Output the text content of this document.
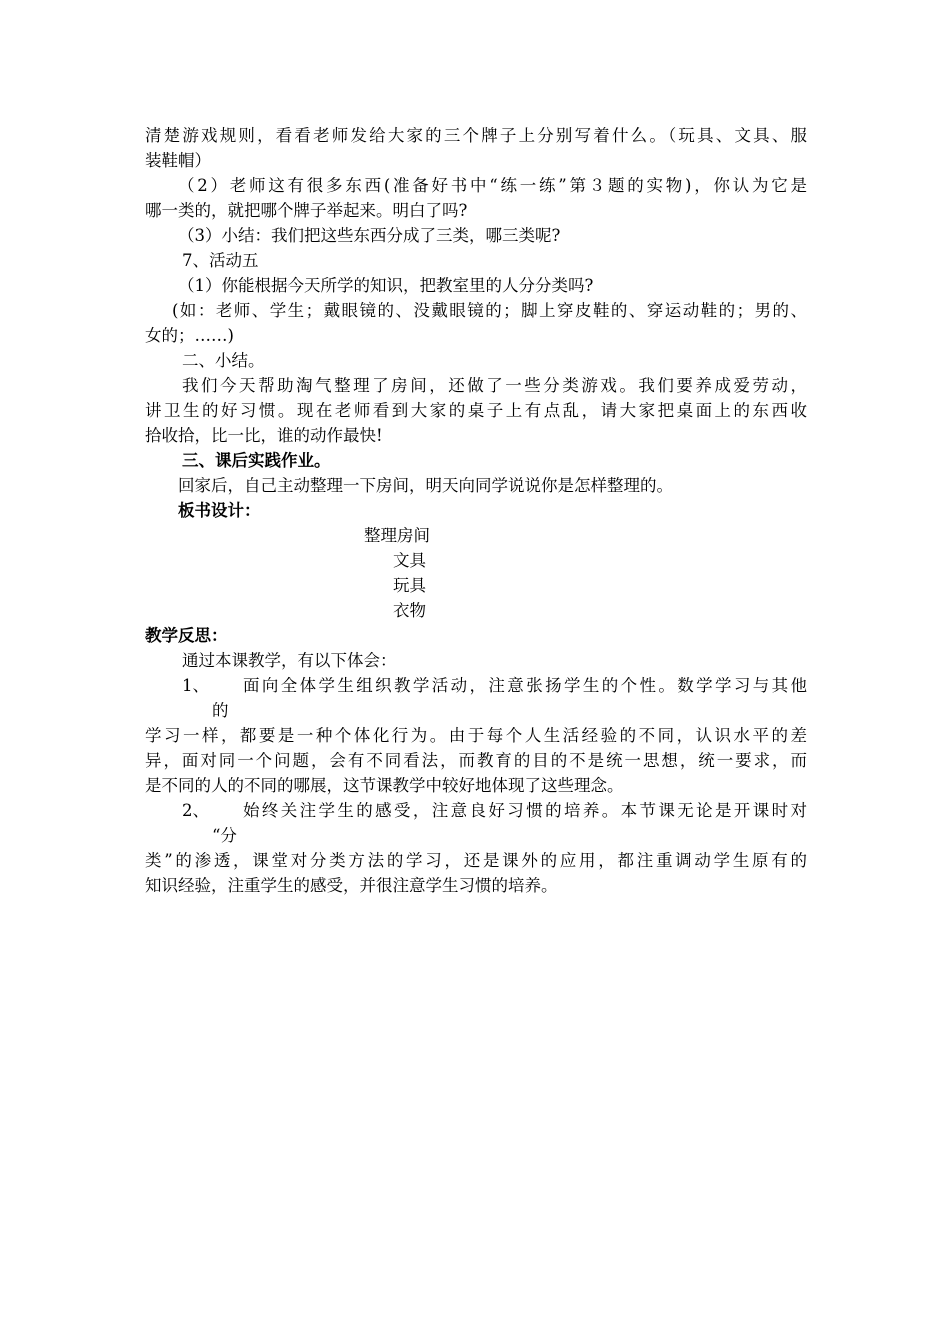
清楚游戏规则，看看老师发给大家的三个牌子上分别写着什么。（玩具、文具、服
装鞋帽）
（2）老师这有很多东西(准备好书中“练一练”第３题的实物)，你认为它是
哪一类的，就把哪个牌子举起来。明白了吗?
（3）小结：我们把这些东西分成了三类，哪三类呢?
7、活动五
（1）你能根据今天所学的知识，把教室里的人分分类吗?
(如：老师、学生；戴眼镜的、没戴眼镜的；脚上穿皮鞋的、穿运动鞋的；男的、
女的；……)
二、小结。
我们今天帮助淘气整理了房间，还做了一些分类游戏。我们要养成爱劳动，
讲卫生的好习惯。现在老师看到大家的桌子上有点乱，请大家把桌面上的东西收
拾收拾，比一比，谁的动作最快!
三、课后实践作业。
回家后，自己主动整理一下房间，明天向同学说说你是怎样整理的。
板书设计：
整理房间
文具
玩具
衣物
教学反思：
通过本课教学，有以下体会：
1、 面向全体学生组织教学活动，注意张扬学生的个性。数学学习与其他
的
学习一样，都要是一种个体化行为。由于每个人生活经验的不同，认识水平的差
异，面对同一个问题，会有不同看法，而教育的目的不是统一思想，统一要求，而
是不同的人的不同的哪展，这节课教学中较好地体现了这些理念。
2、 始终关注学生的感受，注意良好习惯的培养。本节课无论是开课时对
“分
类”的渗透，课堂对分类方法的学习，还是课外的应用，都注重调动学生原有的
知识经验，注重学生的感受，并很注意学生习惯的培养。
